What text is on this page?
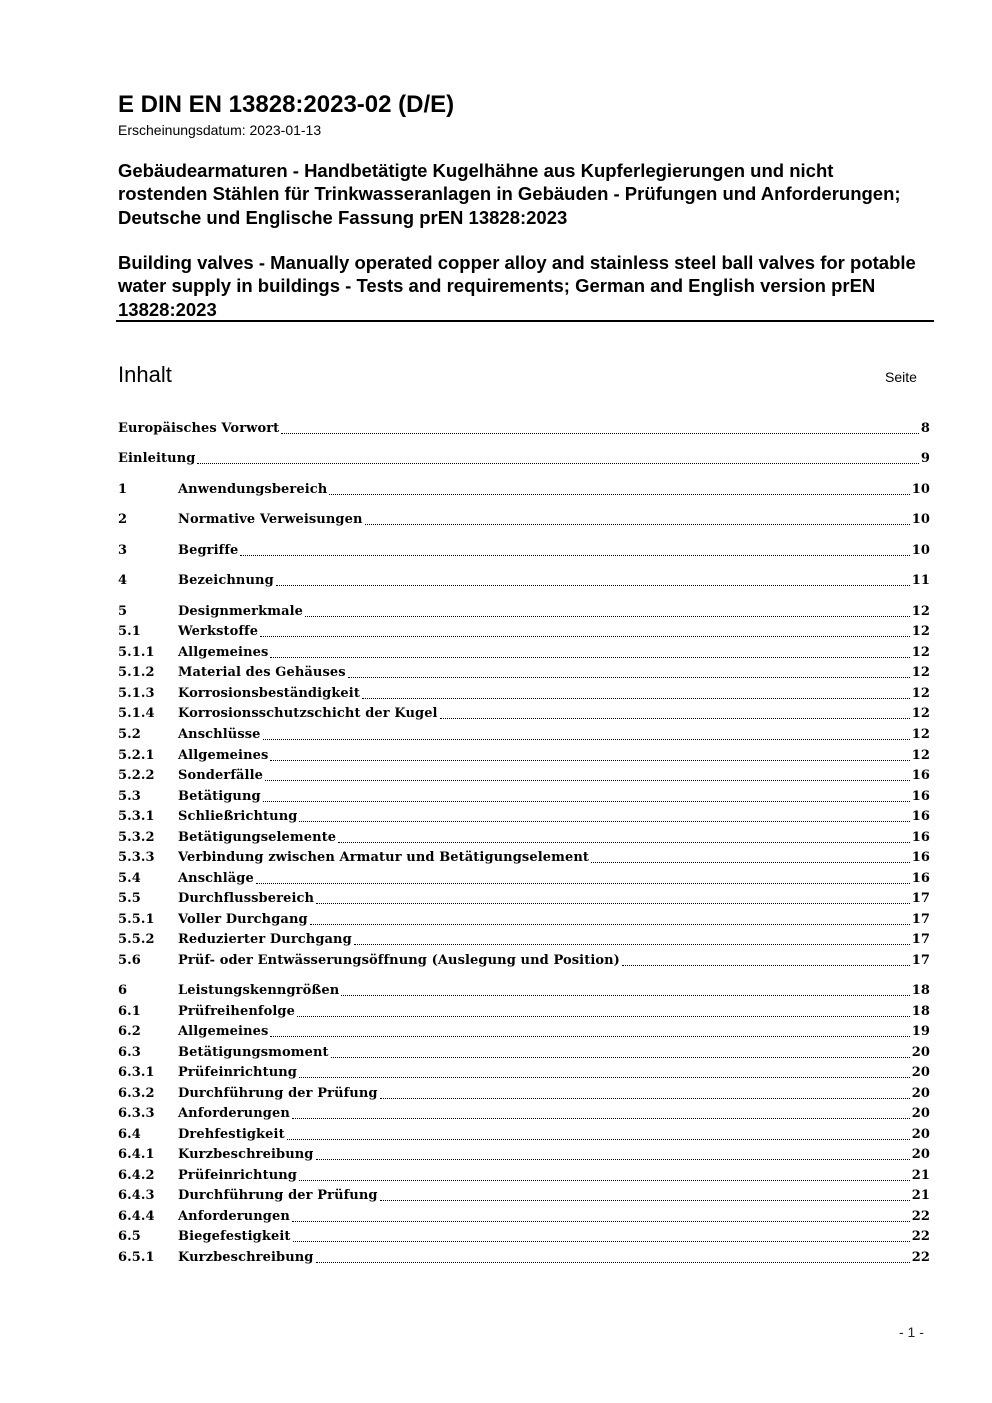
E DIN EN 13828:2023-02 (D/E)
Erscheinungsdatum: 2023-01-13
Gebäudearmaturen - Handbetätigte Kugelhähne aus Kupferlegierungen und nicht rostenden Stählen für Trinkwasseranlagen in Gebäuden - Prüfungen und Anforderungen; Deutsche und Englische Fassung prEN 13828:2023
Building valves - Manually operated copper alloy and stainless steel ball valves for potable water supply in buildings - Tests and requirements; German and English version prEN 13828:2023
Inhalt	Seite
Europäisches Vorwort	8
Einleitung	9
1	Anwendungsbereich	10
2	Normative Verweisungen	10
3	Begriffe	10
4	Bezeichnung	11
5	Designmerkmale	12
5.1	Werkstoffe	12
5.1.1	Allgemeines	12
5.1.2	Material des Gehäuses	12
5.1.3	Korrosionsbeständigkeit	12
5.1.4	Korrosionsschutzschicht der Kugel	12
5.2	Anschlüsse	12
5.2.1	Allgemeines	12
5.2.2	Sonderfälle	16
5.3	Betätigung	16
5.3.1	Schließrichtung	16
5.3.2	Betätigungselemente	16
5.3.3	Verbindung zwischen Armatur und Betätigungselement	16
5.4	Anschläge	16
5.5	Durchflussbereich	17
5.5.1	Voller Durchgang	17
5.5.2	Reduzierter Durchgang	17
5.6	Prüf- oder Entwässerungsöffnung (Auslegung und Position)	17
6	Leistungskenngrößen	18
6.1	Prüfreihenfolge	18
6.2	Allgemeines	19
6.3	Betätigungsmoment	20
6.3.1	Prüfeinrichtung	20
6.3.2	Durchführung der Prüfung	20
6.3.3	Anforderungen	20
6.4	Drehfestigkeit	20
6.4.1	Kurzbeschreibung	20
6.4.2	Prüfeinrichtung	21
6.4.3	Durchführung der Prüfung	21
6.4.4	Anforderungen	22
6.5	Biegefestigkeit	22
6.5.1	Kurzbeschreibung	22
- 1 -
